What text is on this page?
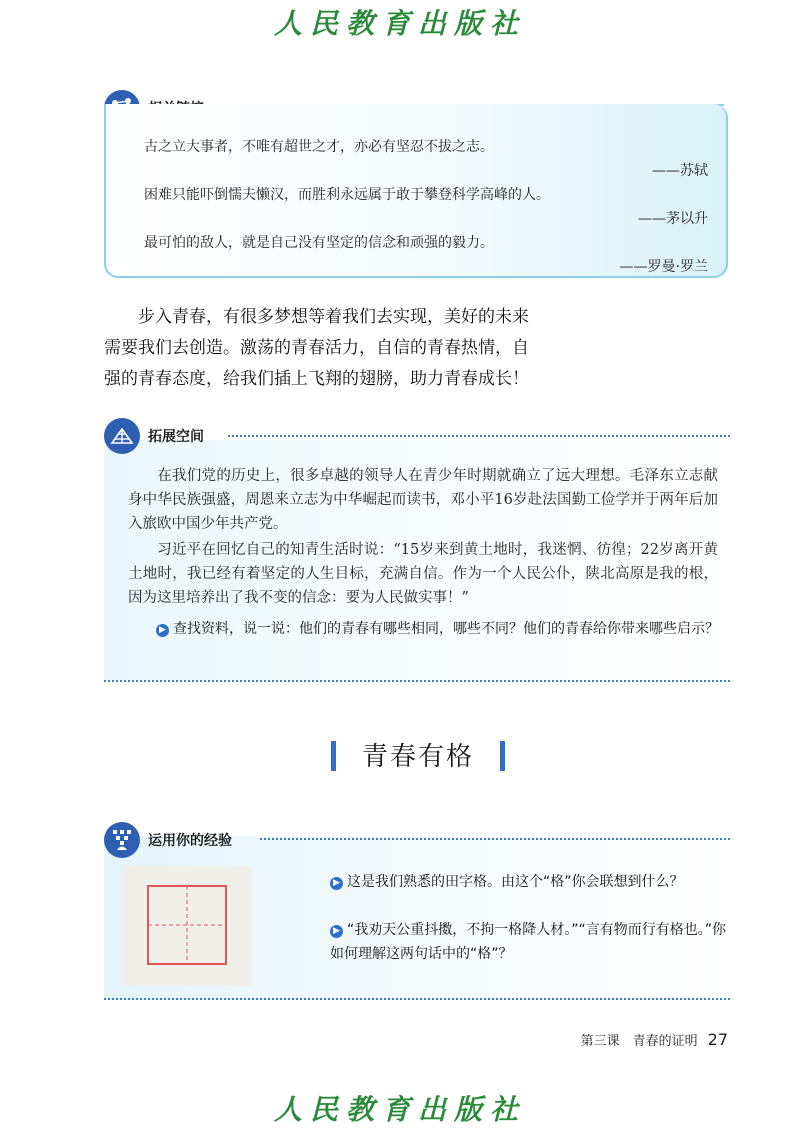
人民教育出版社
古之立大事者，不唯有超世之才，亦必有坚忍不拔之志。
——苏轼
困难只能吓倒懦夫懒汉，而胜利永远属于敢于攀登科学高峰的人。
——茅以升
最可怕的敌人，就是自己没有坚定的信念和顽强的毅力。
——罗曼·罗兰
步入青春，有很多梦想等着我们去实现，美好的未来
需要我们去创造。激荡的青春活力，自信的青春热情，自
强的青春态度，给我们插上飞翔的翅膀，助力青春成长！
拓展空间
在我们党的历史上，很多卓越的领导人在青少年时期就确立了远大理想。毛泽东立志献身中华民族强盛，周恩来立志为中华崛起而读书，邓小平16岁赴法国勤工俭学并于两年后加入旅欧中国少年共产党。
习近平在回忆自己的知青生活时说：“15岁来到黄土地时，我迷惘、彷徨；22岁离开黄土地时，我已经有着坚定的人生目标，充满自信。作为一个人民公仆，陕北高原是我的根，因为这里培养出了我不变的信念：要为人民做实事！”
▶ 查找资料，说一说：他们的青春有哪些相同，哪些不同？他们的青春给你带来哪些启示？
青春有格
运用你的经验
▶ 这是我们熟悉的田字格。由这个“格”你会联想到什么？
▶ “我劝天公重抖擞，不拘一格降人材。”“言有物而行有格也。”你如何理解这两句话中的“格”？
第三课　青春的证明 27
人民教育出版社
